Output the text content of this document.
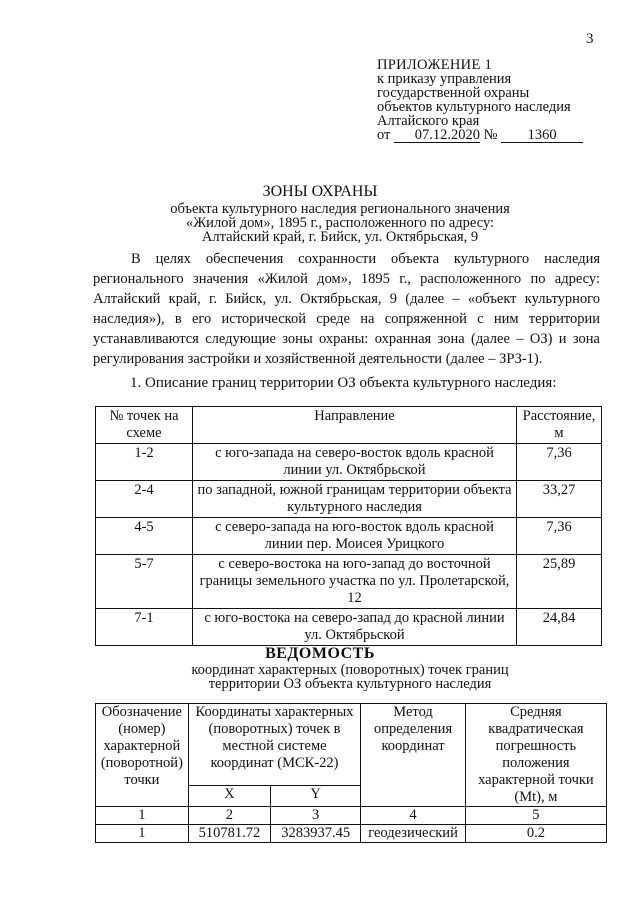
3
ПРИЛОЖЕНИЕ 1
к приказу управления
государственной охраны
объектов культурного наследия
Алтайского края
от 07.12.2020 № 1360
ЗОНЫ ОХРАНЫ
объекта культурного наследия регионального значения
«Жилой дом», 1895 г., расположенного по адресу:
Алтайский край, г. Бийск, ул. Октябрьская, 9
В целях обеспечения сохранности объекта культурного наследия регионального значения «Жилой дом», 1895 г., расположенного по адресу: Алтайский край, г. Бийск, ул. Октябрьская, 9 (далее – «объект культурного наследия»), в его исторической среде на сопряженной с ним территории устанавливаются следующие зоны охраны: охранная зона (далее – ОЗ) и зона регулирования застройки и хозяйственной деятельности (далее – ЗРЗ-1).
1. Описание границ территории ОЗ объекта культурного наследия:
№ точек на схеме	Направление	Расстояние, м
1-2	с юго-запада на северо-восток вдоль красной линии ул. Октябрьской	7,36
2-4	по западной, южной границам территории объекта культурного наследия	33,27
4-5	с северо-запада на юго-восток вдоль красной линии пер. Моисея Урицкого	7,36
5-7	с северо-востока на юго-запад до восточной границы земельного участка по ул. Пролетарской, 12	25,89
7-1	с юго-востока на северо-запад до красной линии ул. Октябрьской	24,84
ВЕДОМОСТЬ
координат характерных (поворотных) точек границ
территории ОЗ объекта культурного наследия
Обозначение (номер) характерной (поворотной) точки	Координаты характерных (поворотных) точек в местной системе координат (МСК-22)		Метод определения координат	Средняя квадратическая погрешность положения характерной точки (Mt), м
	X	Y		
1	2	3	4	5
1	510781.72	3283937.45	геодезический	0.2
